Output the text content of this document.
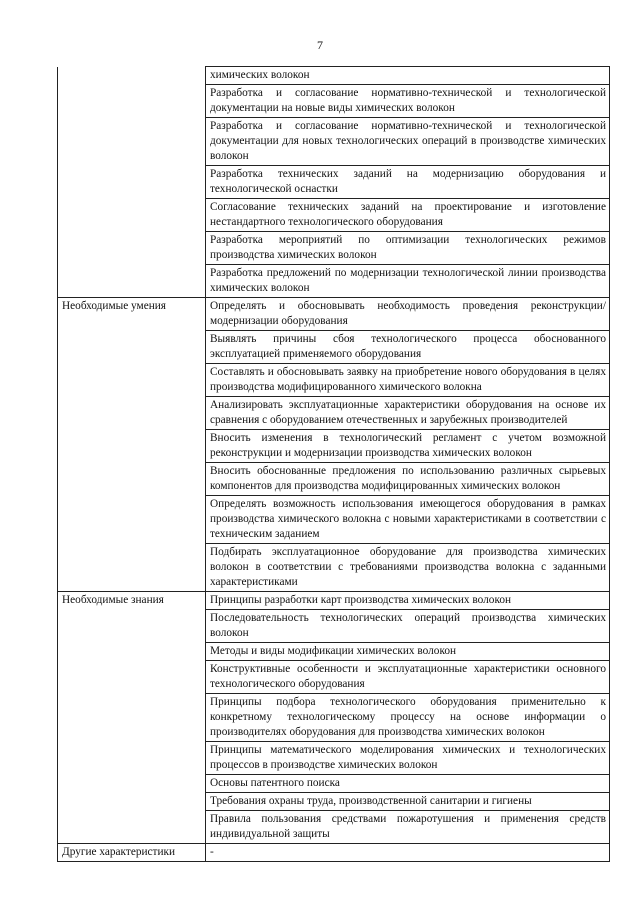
7
	химических волокон
	Разработка и согласование нормативно-технической и технологической документации на новые виды химических волокон
	Разработка и согласование нормативно-технической и технологической документации для новых технологических операций в производстве химических волокон
	Разработка технических заданий на модернизацию оборудования и технологической оснастки
	Согласование технических заданий на проектирование и изготовление нестандартного технологического оборудования
	Разработка мероприятий по оптимизации технологических режимов производства химических волокон
	Разработка предложений по модернизации технологической линии производства химических волокон
Необходимые умения	Определять и обосновывать необходимость проведения реконструкции/модернизации оборудования
	Выявлять причины сбоя технологического процесса обоснованного эксплуатацией применяемого оборудования
	Составлять и обосновывать заявку на приобретение нового оборудования в целях производства модифицированного химического волокна
	Анализировать эксплуатационные характеристики оборудования на основе их сравнения с оборудованием отечественных и зарубежных производителей
	Вносить изменения в технологический регламент с учетом возможной реконструкции и модернизации производства химических волокон
	Вносить обоснованные предложения по использованию различных сырьевых компонентов для производства модифицированных химических волокон
	Определять возможность использования имеющегося оборудования в рамках производства химического волокна с новыми характеристиками в соответствии с техническим заданием
	Подбирать эксплуатационное оборудование для производства химических волокон в соответствии с требованиями производства волокна с заданными характеристиками
Необходимые знания	Принципы разработки карт производства химических волокон
	Последовательность технологических операций производства химических волокон
	Методы и виды модификации химических волокон
	Конструктивные особенности и эксплуатационные характеристики основного технологического оборудования
	Принципы подбора технологического оборудования применительно к конкретному технологическому процессу на основе информации о производителях оборудования для производства химических волокон
	Принципы математического моделирования химических и технологических процессов в производстве химических волокон
	Основы патентного поиска
	Требования охраны труда, производственной санитарии и гигиены
	Правила пользования средствами пожаротушения и применения средств индивидуальной защиты
Другие характеристики	-
